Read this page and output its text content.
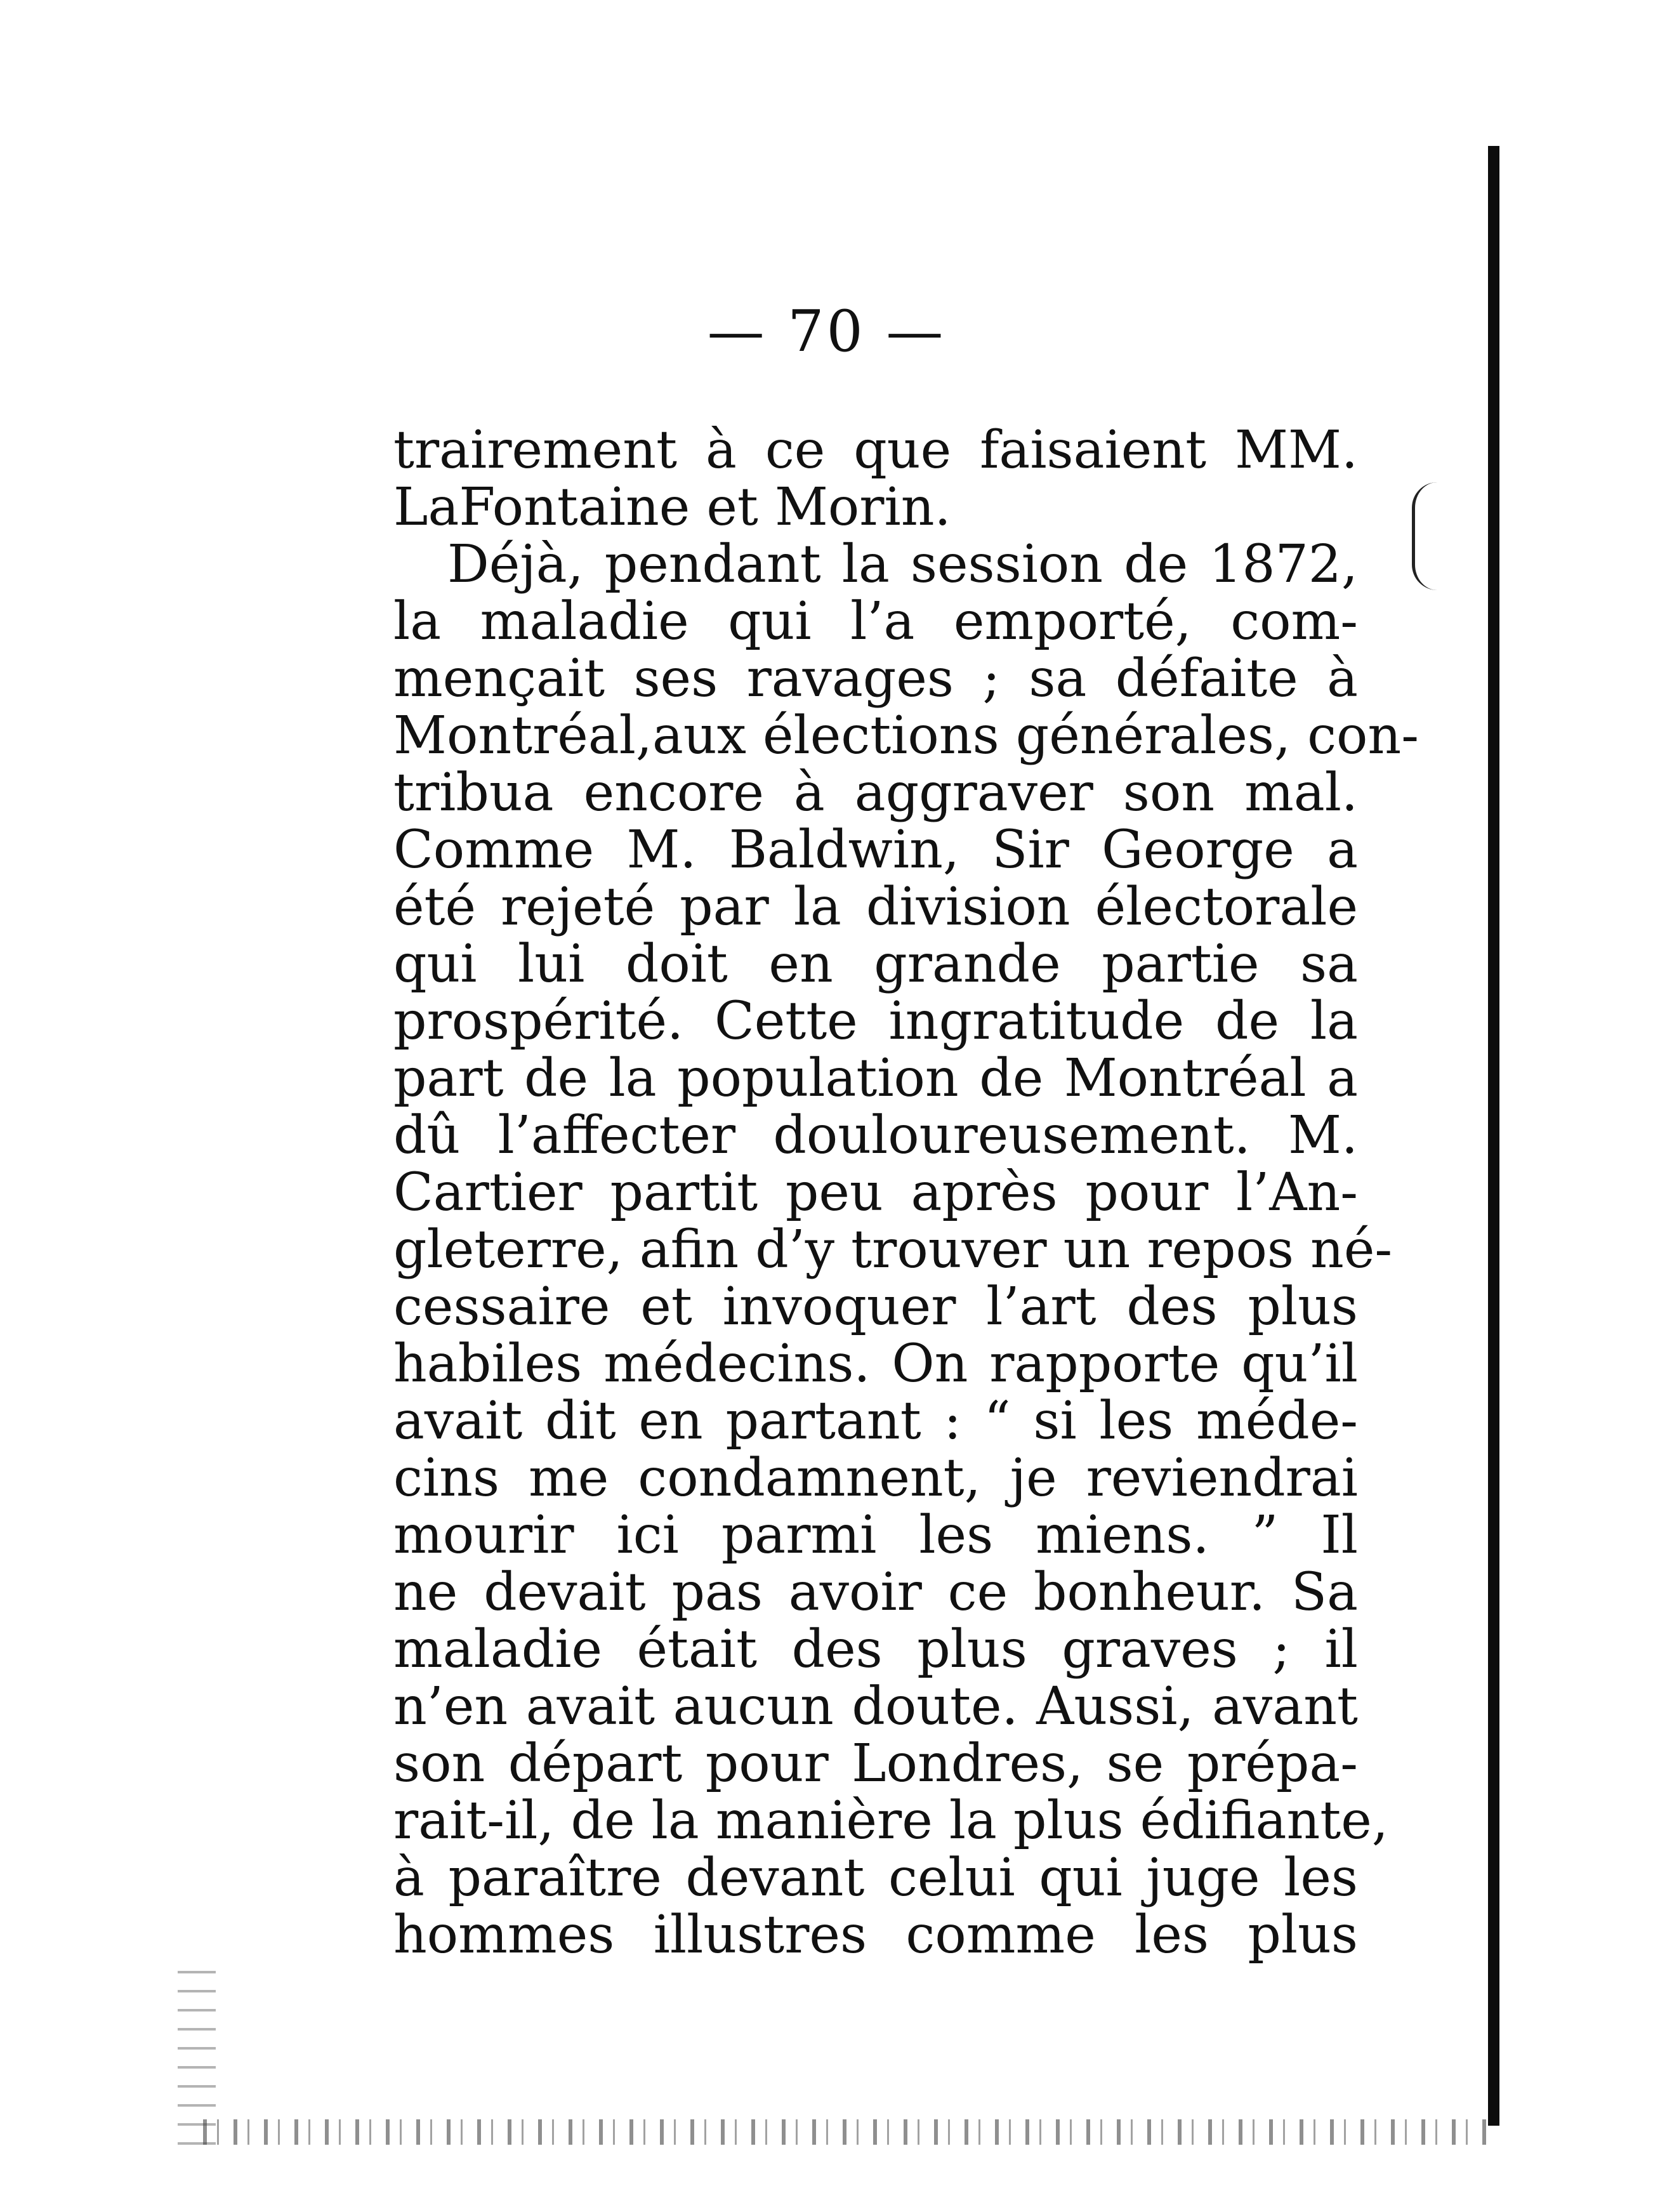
— 70 —
trairement à ce que faisaient MM.
LaFontaine et Morin.
Déjà, pendant la session de 1872,
la maladie qui l’a emporté, com-
mençait ses ravages ; sa défaite à
Montréal,aux élections générales, con-
tribua encore à aggraver son mal.
Comme M. Baldwin, Sir George a
été rejeté par la division électorale
qui lui doit en grande partie sa
prospérité. Cette ingratitude de la
part de la population de Montréal a
dû l’affecter douloureusement. M.
Cartier partit peu après pour l’An-
gleterre, afin d’y trouver un repos né-
cessaire et invoquer l’art des plus
habiles médecins. On rapporte qu’il
avait dit en partant : “ si les méde-
cins me condamnent, je reviendrai
mourir ici parmi les miens. ” Il
ne devait pas avoir ce bonheur. Sa
maladie était des plus graves ; il
n’en avait aucun doute. Aussi, avant
son départ pour Londres, se prépa-
rait-il, de la manière la plus édifiante,
à paraître devant celui qui juge les
hommes illustres comme les plus
